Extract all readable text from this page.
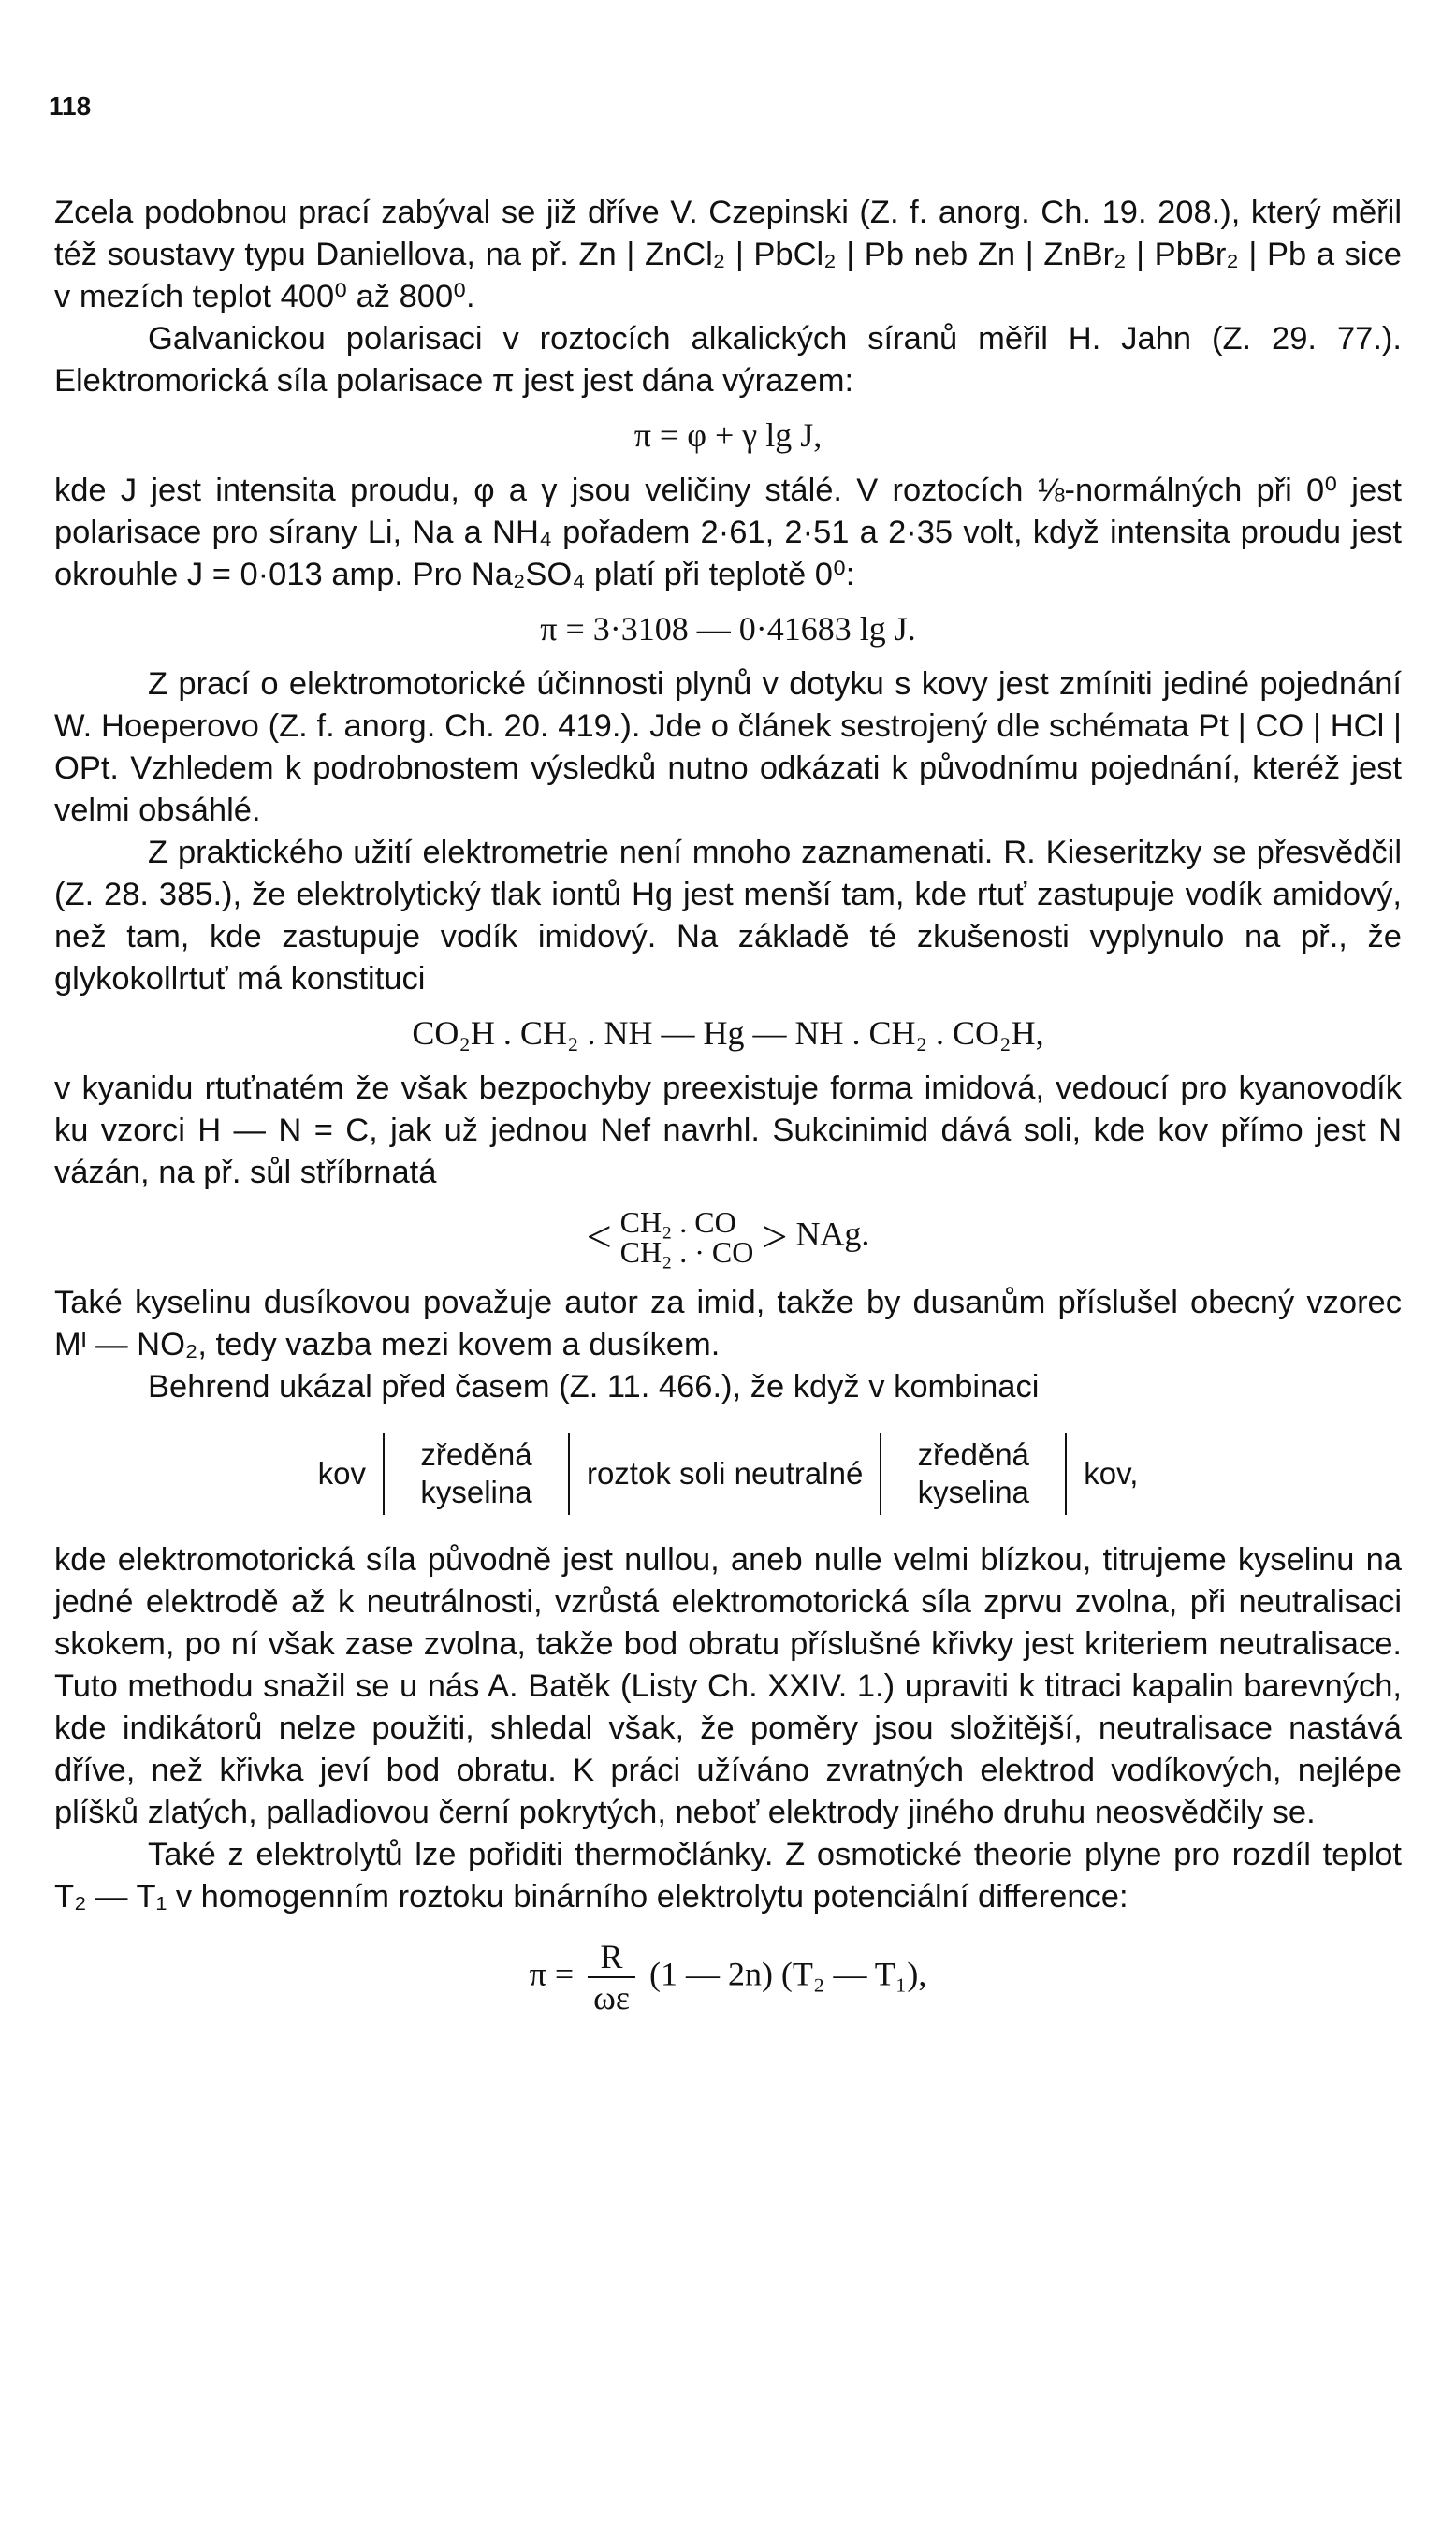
118

Zcela podobnou prací zabýval se již dříve V. Czepinski (Z. f. anorg. Ch. 19. 208.), který měřil též soustavy typu Daniellova, na př. Zn | ZnCl₂ | PbCl₂ | Pb neb Zn | ZnBr₂ | PbBr₂ | Pb a sice v mezích teplot 400⁰ až 800⁰.

Galvanickou polarisaci v roztocích alkalických síranů měřil H. Jahn (Z. 29. 77.). Elektromorická síla polarisace π jest jest dána výrazem:

π = φ + γ lg J,

kde J jest intensita proudu, φ a γ jsou veličiny stálé. V roztocích ⅛-normálných při 0⁰ jest polarisace pro sírany Li, Na a NH₄ pořadem 2·61, 2·51 a 2·35 volt, když intensita proudu jest okrouhle J = 0·013 amp. Pro Na₂SO₄ platí při teplotě 0⁰:

π = 3·3108 — 0·41683 lg J.

Z prací o elektromotorické účinnosti plynů v dotyku s kovy jest zmíniti jediné pojednání W. Hoeperovo (Z. f. anorg. Ch. 20. 419.). Jde o článek sestrojený dle schémata Pt | CO | HCl | OPt. Vzhledem k podrobnostem výsledků nutno odkázati k původnímu pojednání, kteréž jest velmi obsáhlé.

Z praktického užití elektrometrie není mnoho zaznamenati. R. Kieseritzky se přesvědčil (Z. 28. 385.), že elektrolytický tlak iontů Hg jest menší tam, kde rtuť zastupuje vodík amidový, než tam, kde zastupuje vodík imidový. Na základě té zkušenosti vyplynulo na př., že glykokollrtuť má konstituci

CO₂H . CH₂ . NH — Hg — NH . CH₂ . CO₂H,

v kyanidu rtuťnatém že však bezpochyby preexistuje forma imidová, vedoucí pro kyanovodík ku vzorci H — N = C, jak už jednou Nef navrhl. Sukcinimid dává soli, kde kov přímo jest N vázán, na př. sůl stříbrnatá

< CH₂ . CO
CH₂ . · CO > NAg.

Také kyselinu dusíkovou považuje autor za imid, takže by dusanům příslušel obecný vzorec Mᴵ — NO₂, tedy vazba mezi kovem a dusíkem.

Behrend ukázal před časem (Z. 11. 466.), že když v kombinaci

kov
zředěná kyselina
roztok soli neutralné
zředěná kyselina
kov,

kde elektromotorická síla původně jest nullou, aneb nulle velmi blízkou, titrujeme kyselinu na jedné elektrodě až k neutrálnosti, vzrůstá elektromotorická síla zprvu zvolna, při neutralisaci skokem, po ní však zase zvolna, takže bod obratu příslušné křivky jest kriteriem neutralisace. Tuto methodu snažil se u nás A. Batěk (Listy Ch. XXIV. 1.) upraviti k titraci kapalin barevných, kde indikátorů nelze použiti, shledal však, že poměry jsou složitější, neutralisace nastává dříve, než křivka jeví bod obratu. K práci užíváno zvratných elektrod vodíkových, nejlépe plíšků zlatých, palladiovou černí pokrytých, neboť elektrody jiného druhu neosvědčily se.

Také z elektrolytů lze pořiditi thermočlánky. Z osmotické theorie plyne pro rozdíl teplot T₂ — T₁ v homogenním roztoku binárního elektrolytu potenciální difference:

$\pi = \frac{R}{\omega\varepsilon} (1$ — 2n) (T₂ — T₁),
